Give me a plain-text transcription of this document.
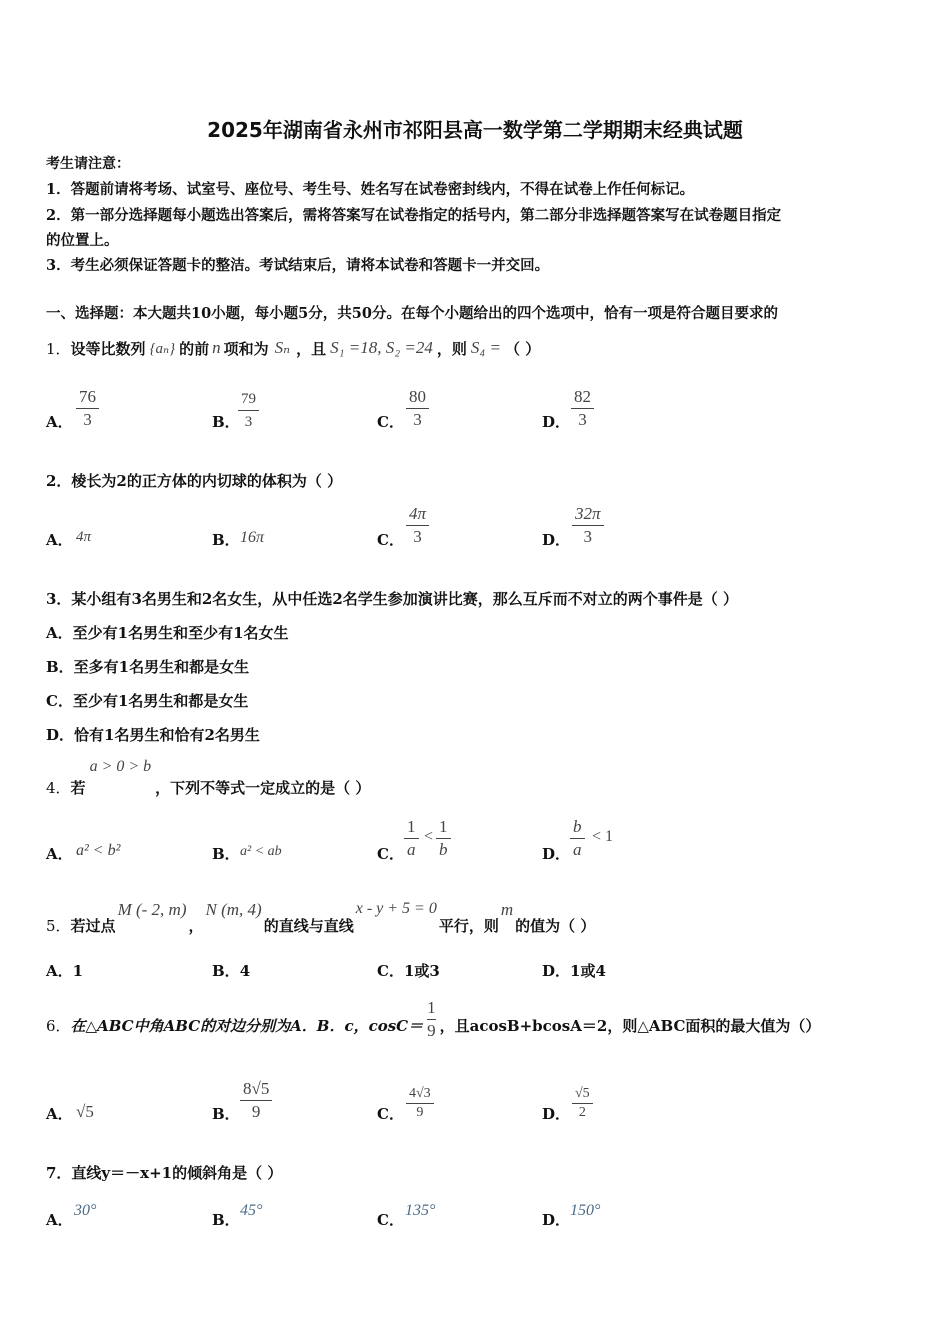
2025年湖南省永州市祁阳县高一数学第二学期期末经典试题
考生请注意：
1．答题前请将考场、试室号、座位号、考生号、姓名写在试卷密封线内，不得在试卷上作任何标记。
2．第一部分选择题每小题选出答案后，需将答案写在试卷指定的括号内，第二部分非选择题答案写在试卷题目指定
的位置上。
3．考生必须保证答题卡的整洁。考试结束后，请将本试卷和答题卡一并交回。
一、选择题：本大题共10小题，每小题5分，共50分。在每个小题给出的四个选项中，恰有一项是符合题目要求的
1． 设等比数列 {aₙ} 的前 n 项和为 Sₙ ，且 S₁ =18, S₂ =24 ，则 S₄ = （ ）
A．
76
3	B．
79
3	C．
80
3	D．
82
3
2．棱长为2的正方体的内切球的体积为（ ）
A． 4π	B． 16π	C．
4π
3	D．
32π
3
3．某小组有3名男生和2名女生，从中任选2名学生参加演讲比赛，那么互斥而不对立的两个事件是（ ）
A．至少有1名男生和至少有1名女生
B．至多有1名男生和都是女生
C．至少有1名男生和都是女生
D．恰有1名男生和恰有2名男生
4． 若
a > 0 > b
，下列不等式一定成立的是（ ）
A． a² < b²	B． a² < ab	C．
1
a
<
1
b	D．
b
a
< 1
5． 若过点
M (- 2, m)
，
N (m, 4)
的直线与直线
x - y + 5 = 0
平行，则
m
的值为（ ）
A．1	B．4	C．1或3	D．1或4
6． 在△ABC中角ABC的对边分别为A．B．c，cosC＝
1
9 ，且acosB+bcosA＝2，则△ABC面积的最大值为（）
A． √5	B．
8√5
9	C．
4√3
9	D．
√5
2
7．直线y＝－x+1的倾斜角是（ ）
A．
30°
B．
45°
C．
135°
D．
150°
